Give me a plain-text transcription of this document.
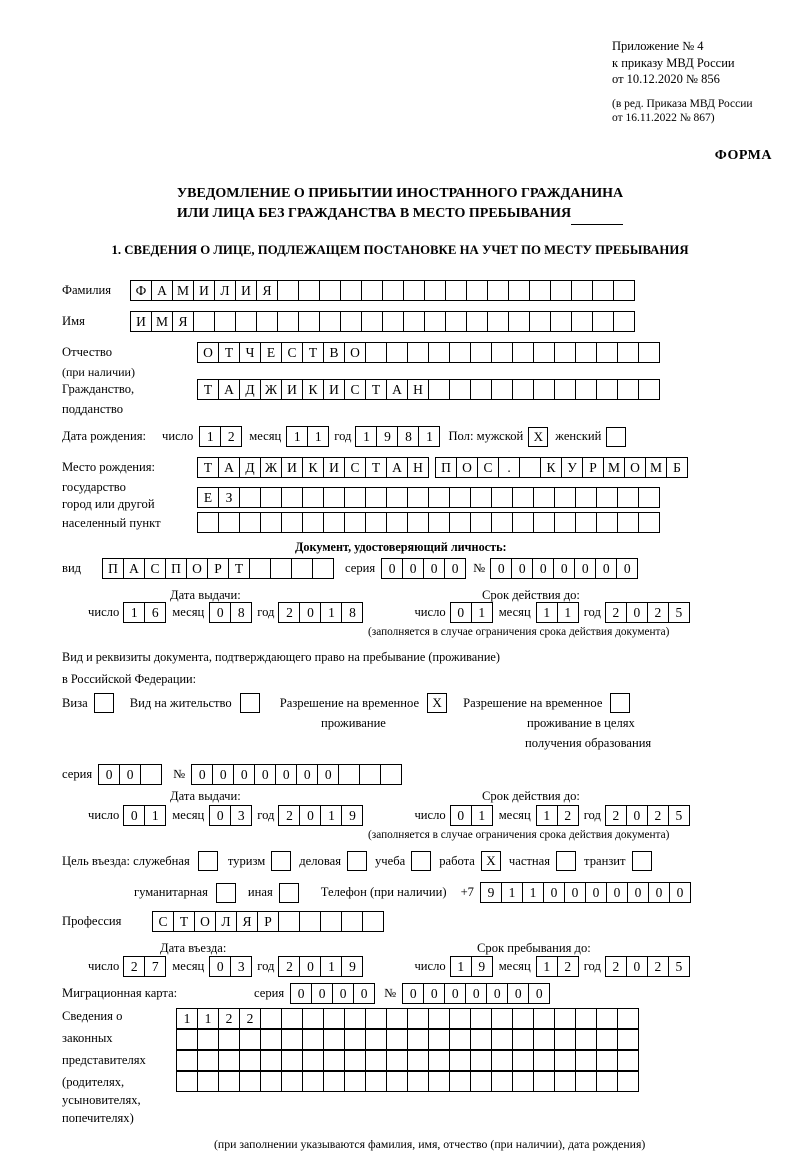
Приложение № 4
к приказу МВД России
от 10.12.2020 № 856
(в ред. Приказа МВД России
от 16.11.2022 № 867)
ФОРМА
УВЕДОМЛЕНИЕ О ПРИБЫТИИ ИНОСТРАННОГО ГРАЖДАНИНА
ИЛИ ЛИЦА БЕЗ ГРАЖДАНСТВА В МЕСТО ПРЕБЫВАНИЯ
1. СВЕДЕНИЯ О ЛИЦЕ, ПОДЛЕЖАЩЕМ ПОСТАНОВКЕ НА УЧЕТ ПО МЕСТУ ПРЕБЫВАНИЯ
Фамилия	Ф А М И Л И Я
Имя	И М Я
Отчество	О Т Ч Е С Т В О
(при наличии)
Гражданство,	Т А Д Ж И К И С Т А Н
подданство
Дата рождения: число	1	2	месяц 1	1	год 1	9	8	1	Пол: мужской X женский
Место рождения:	Т А Д Ж И К И С Т А Н	П О С	.	К У Р М О М Б
государство
Е З
город или другой
населенный пункт
Документ, удостоверяющий личность:
вид	П А С П О Р Т	серия	0	0	0	0	№ 0	0	0	0	0	0	0
Дата выдачи:	Срок действия до:
число 1	6	месяц 0	8	год 2	0	1	8	число 0	1	месяц 1	1	год 2	0	2	5
(заполняется в случае ограничения срока действия документа)
Вид и реквизиты документа, подтверждающего право на пребывание (проживание)
в Российской Федерации:
Виза	Вид на жительство	Разрешение на временное	X	Разрешение на временное
проживание	проживание в целях
получения образования
серия	0	0	№	0	0	0	0	0	0	0
Дата выдачи:	Срок действия до:
число 0	1	месяц 0	3	год 2	0	1	9	число 0	1	месяц 1	2	год 2	0	2	5
(заполняется в случае ограничения срока действия документа)
Цель въезда: служебная	туризм	деловая	учеба	работа X	частная	транзит
гуманитарная	иная	Телефон (при наличии) +7	9	1	1	0	0	0	0	0	0	0
Профессия	С Т О Л Я Р
Дата въезда:	Срок пребывания до:
число 2	7	месяц 0	3	год 2	0	1	9	число 1	9	месяц 1	2	год 2	0	2	5
Миграционная карта:	серия	0	0	0	0	№	0	0	0	0	0	0	0
Сведения о
законных
представителях
(родителях,
усыновителях,
попечителях)
1	1	2	2
(при заполнении указываются фамилия, имя, отчество (при наличии), дата рождения)
